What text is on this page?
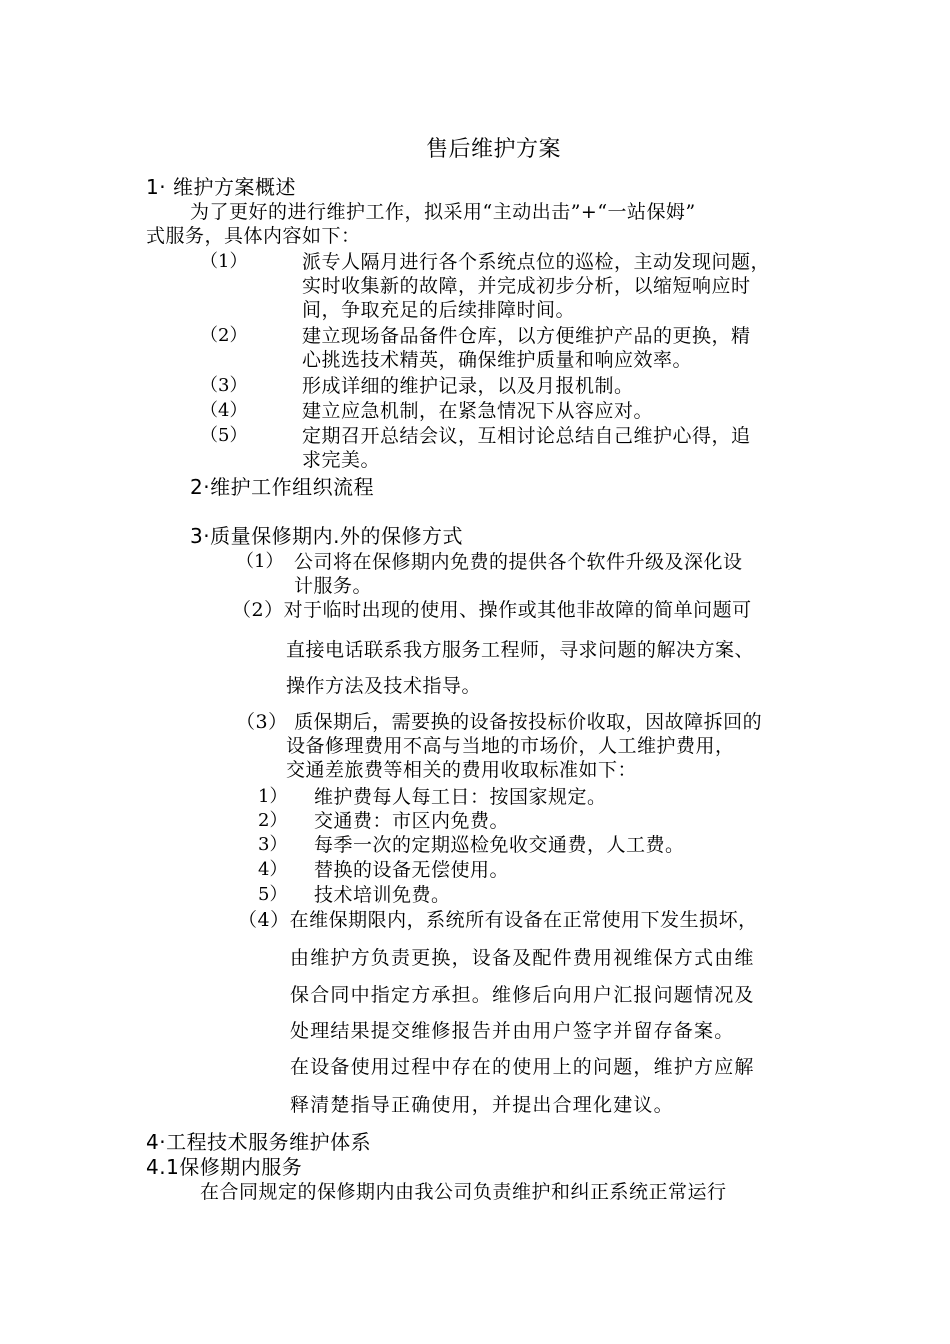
售后维护方案
1· 维护方案概述
为了更好的进行维护工作，拟采用“主动出击”+“一站保姆”
式服务，具体内容如下：
（1）	派专人隔月进行各个系统点位的巡检，主动发现问题，
实时收集新的故障，并完成初步分析，以缩短响应时
间，争取充足的后续排障时间。
（2）	建立现场备品备件仓库，以方便维护产品的更换，精
心挑选技术精英，确保维护质量和响应效率。
（3）	形成详细的维护记录，以及月报机制。
（4）	建立应急机制，在紧急情况下从容应对。
（5）	定期召开总结会议，互相讨论总结自己维护心得，追
求完美。
2·维护工作组织流程
3·质量保修期内.外的保修方式
（1） 公司将在保修期内免费的提供各个软件升级及深化设
计服务。
（2）对于临时出现的使用、操作或其他非故障的简单问题可
直接电话联系我方服务工程师，寻求问题的解决方案、
操作方法及技术指导。
（3） 质保期后，需要换的设备按投标价收取，因故障拆回的
设备修理费用不高与当地的市场价，人工维护费用，
交通差旅费等相关的费用收取标准如下：
1） 维护费每人每工日：按国家规定。
2） 交通费：市区内免费。
3） 每季一次的定期巡检免收交通费，人工费。
4） 替换的设备无偿使用。
5） 技术培训免费。
（4）在维保期限内，系统所有设备在正常使用下发生损坏，
由维护方负责更换，设备及配件费用视维保方式由维
保合同中指定方承担。维修后向用户汇报问题情况及
处理结果提交维修报告并由用户签字并留存备案。
在设备使用过程中存在的使用上的问题，维护方应解
释清楚指导正确使用，并提出合理化建议。
4·工程技术服务维护体系
4.1保修期内服务
在合同规定的保修期内由我公司负责维护和纠正系统正常运行
